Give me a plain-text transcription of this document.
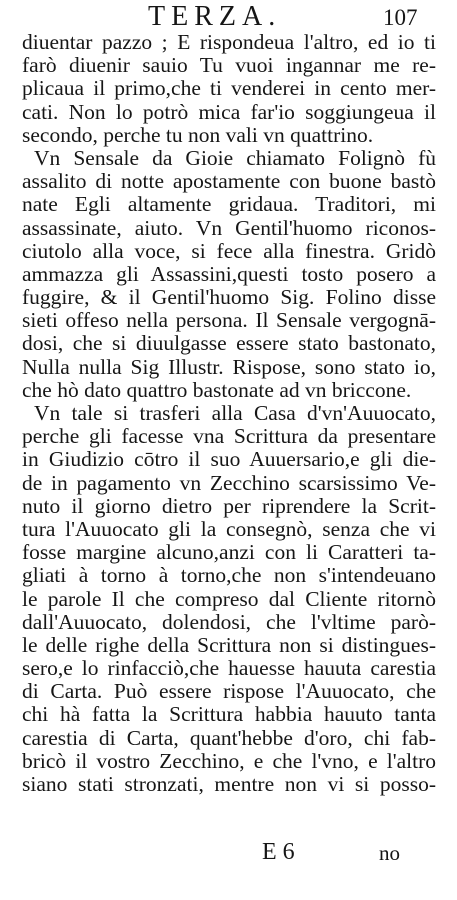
TERZA.	107
diuentar pazzo ; E rispondeua l'altro, ed io ti
farò diuenir sauio Tu vuoi ingannar me re-
plicaua il primo,che ti venderei in cento mer-
cati. Non lo potrò mica far'io soggiungeua il
secondo, perche tu non vali vn quattrino.
Vn Sensale da Gioie chiamato Folignò fù
assalito di notte apostamente con buone bastò
nate Egli altamente gridaua. Traditori, mi
assassinate, aiuto. Vn Gentil'huomo riconos-
ciutolo alla voce, si fece alla finestra. Gridò
ammazza gli Assassini,questi tosto posero a
fuggire, & il Gentil'huomo Sig. Folino disse
sieti offeso nella persona. Il Sensale vergognā-
dosi, che si diuulgasse essere stato bastonato,
Nulla nulla Sig Illustr. Rispose, sono stato io,
che hò dato quattro bastonate ad vn briccone.
Vn tale si trasferi alla Casa d'vn'Auuocato,
perche gli facesse vna Scrittura da presentare
in Giudizio cōtro il suo Auuersario,e gli die-
de in pagamento vn Zecchino scarsissimo Ve-
nuto il giorno dietro per riprendere la Scrit-
tura l'Auuocato gli la consegnò, senza che vi
fosse margine alcuno,anzi con li Caratteri ta-
gliati à torno à torno,che non s'intendeuano
le parole Il che compreso dal Cliente ritornò
dall'Auuocato, dolendosi, che l'vltime parò-
le delle righe della Scrittura non si distingues-
sero,e lo rinfacciò,che hauesse hauuta carestia
di Carta. Può essere rispose l'Auuocato, che
chi hà fatta la Scrittura habbia hauuto tanta
carestia di Carta, quant'hebbe d'oro, chi fab-
bricò il vostro Zecchino, e che l'vno, e l'altro
siano stati stronzati, mentre non vi si posso-
E 6	no
